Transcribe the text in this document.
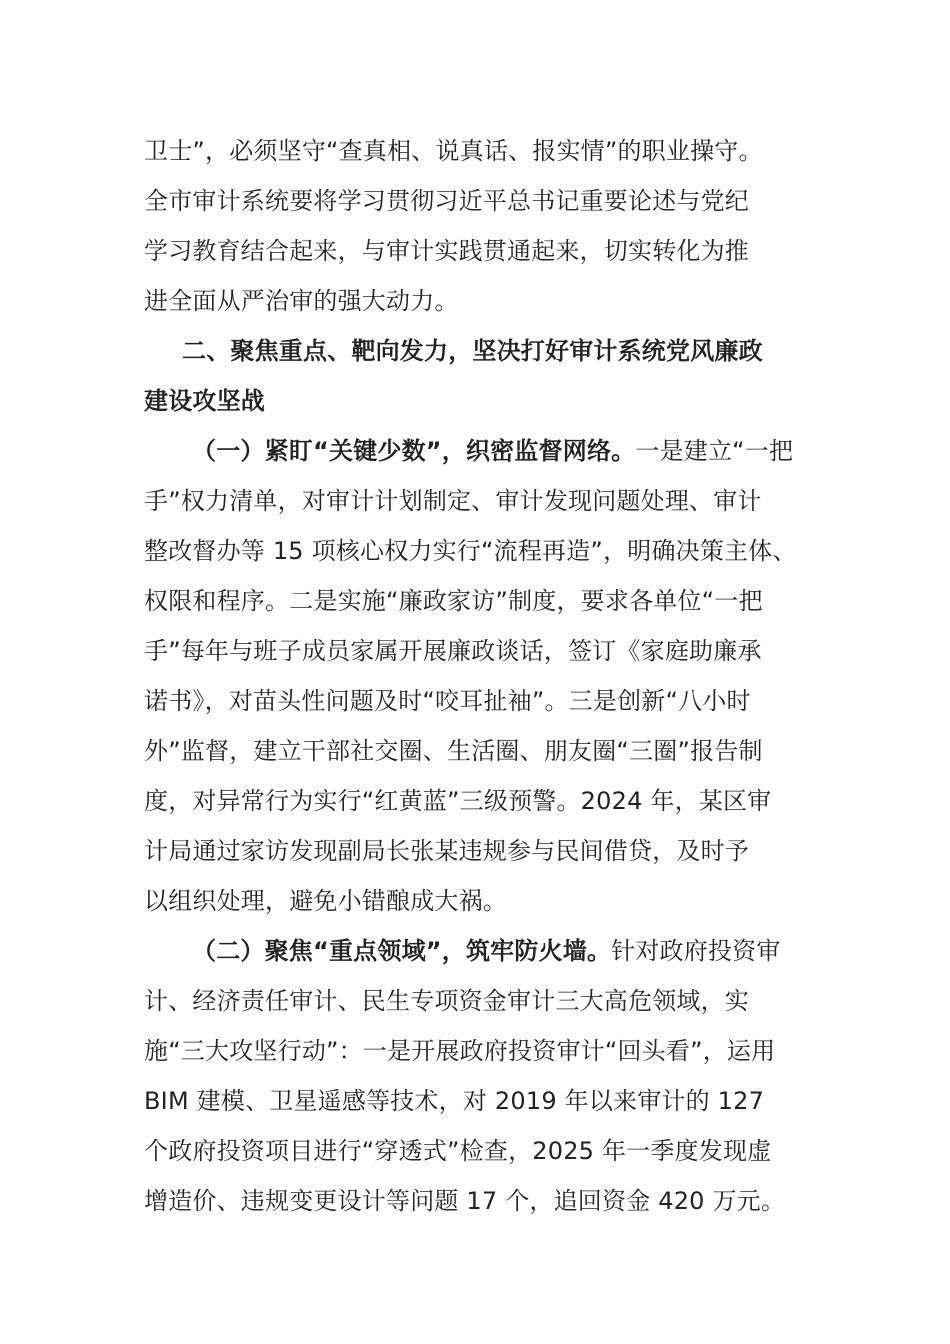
卫士”，必须坚守“查真相、说真话、报实情”的职业操守。
全市审计系统要将学习贯彻习近平总书记重要论述与党纪
学习教育结合起来，与审计实践贯通起来，切实转化为推
进全面从严治审的强大动力。
二、聚焦重点、靶向发力，坚决打好审计系统党风廉政
建设攻坚战
（一）紧盯“关键少数”，织密监督网络。一是建立“一把
手”权力清单，对审计计划制定、审计发现问题处理、审计
整改督办等 15 项核心权力实行“流程再造”，明确决策主体、
权限和程序。二是实施“廉政家访”制度，要求各单位“一把
手”每年与班子成员家属开展廉政谈话，签订《家庭助廉承
诺书》，对苗头性问题及时“咬耳扯袖”。三是创新“八小时
外”监督，建立干部社交圈、生活圈、朋友圈“三圈”报告制
度，对异常行为实行“红黄蓝”三级预警。2024 年，某区审
计局通过家访发现副局长张某违规参与民间借贷，及时予
以组织处理，避免小错酿成大祸。
（二）聚焦“重点领域”，筑牢防火墙。针对政府投资审
计、经济责任审计、民生专项资金审计三大高危领域，实
施“三大攻坚行动”：一是开展政府投资审计“回头看”，运用
BIM 建模、卫星遥感等技术，对 2019 年以来审计的 127
个政府投资项目进行“穿透式”检查，2025 年一季度发现虚
增造价、违规变更设计等问题 17 个，追回资金 420 万元。
